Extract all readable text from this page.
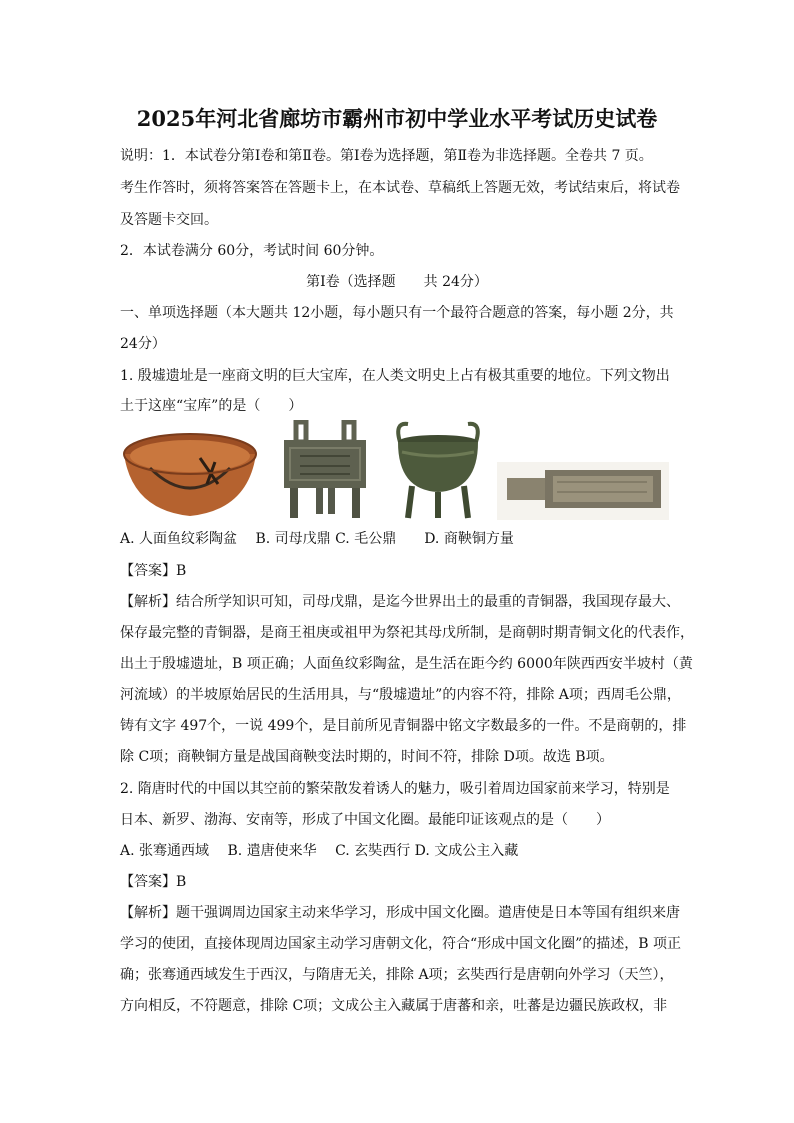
2025年河北省廊坊市霸州市初中学业水平考试历史试卷
说明：1．本试卷分第Ⅰ卷和第Ⅱ卷。第Ⅰ卷为选择题，第Ⅱ卷为非选择题。全卷共 7 页。
考生作答时，须将答案答在答题卡上，在本试卷、草稿纸上答题无效，考试结束后，将试卷
及答题卡交回。
2．本试卷满分 60分，考试时间 60分钟。
第Ⅰ卷（选择题　　共 24分）
一、单项选择题（本大题共 12小题，每小题只有一个最符合题意的答案，每小题 2分，共
24分）
1. 殷墟遗址是一座商文明的巨大宝库，在人类文明史上占有极其重要的地位。下列文物出
土于这座“宝库”的是（　　）
A. 人面鱼纹彩陶盆　 B. 司母戊鼎 C. 毛公鼎　　D. 商鞅铜方量
【答案】B
【解析】结合所学知识可知，司母戊鼎，是迄今世界出土的最重的青铜器，我国现存最大、
保存最完整的青铜器，是商王祖庚或祖甲为祭祀其母戊所制，是商朝时期青铜文化的代表作，
出土于殷墟遗址，B 项正确；人面鱼纹彩陶盆，是生活在距今约 6000年陕西西安半坡村（黄
河流域）的半坡原始居民的生活用具，与“殷墟遗址”的内容不符，排除 A项；西周毛公鼎，
铸有文字 497个，一说 499个，是目前所见青铜器中铭文字数最多的一件。不是商朝的，排
除 C项；商鞅铜方量是战国商鞅变法时期的，时间不符，排除 D项。故选 B项。
2. 隋唐时代的中国以其空前的繁荣散发着诱人的魅力，吸引着周边国家前来学习，特别是
日本、新罗、渤海、安南等，形成了中国文化圈。最能印证该观点的是（　　）
A. 张骞通西域　 B. 遣唐使来华　 C. 玄奘西行 D. 文成公主入藏
【答案】B
【解析】题干强调周边国家主动来华学习，形成中国文化圈。遣唐使是日本等国有组织来唐
学习的使团，直接体现周边国家主动学习唐朝文化，符合“形成中国文化圈”的描述，B 项正
确；张骞通西域发生于西汉，与隋唐无关，排除 A项；玄奘西行是唐朝向外学习（天竺），
方向相反，不符题意，排除 C项；文成公主入藏属于唐蕃和亲，吐蕃是边疆民族政权，非
